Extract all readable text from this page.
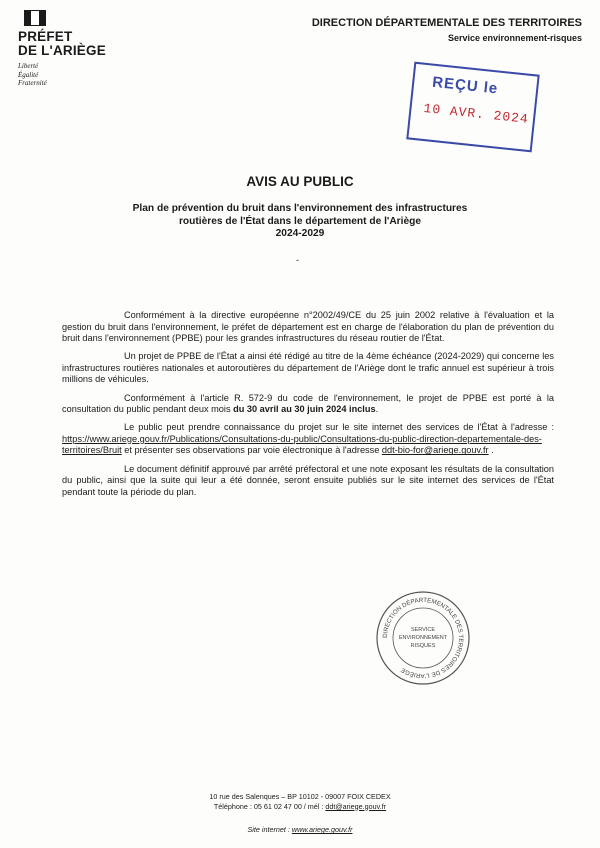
PRÉFET
DE L'ARIÈGE
Liberté
Égalité
Fraternité
DIRECTION DÉPARTEMENTALE DES TERRITOIRES
Service environnement-risques
REÇU le
10 AVR. 2024
AVIS AU PUBLIC
Plan de prévention du bruit dans l'environnement des infrastructures
routières de l'État dans le département de l'Ariège
2024-2029
-

Conformément à la directive européenne n°2002/49/CE du 25 juin 2002 relative à l'évaluation et la gestion du bruit dans l'environnement, le préfet de département est en charge de l'élaboration du plan de prévention du bruit dans l'environnement (PPBE) pour les grandes infrastructures du réseau routier de l'État.

Un projet de PPBE de l'État a ainsi été rédigé au titre de la 4ème échéance (2024-2029) qui concerne les infrastructures routières nationales et autoroutières du département de l'Ariège dont le trafic annuel est supérieur à trois millions de véhicules.

Conformément à l'article R. 572-9 du code de l'environnement, le projet de PPBE est porté à la consultation du public pendant deux mois du 30 avril au 30 juin 2024 inclus.

Le public peut prendre connaissance du projet sur le site internet des services de l'État à l'adresse : https://www.ariege.gouv.fr/Publications/Consultations-du-public/Consultations-du-public-direction-departementale-des-territoires/Bruit et présenter ses observations par voie électronique à l'adresse ddt-bio-for@ariege.gouv.fr .

Le document définitif approuvé par arrêté préfectoral et une note exposant les résultats de la consultation du public, ainsi que la suite qui leur a été donnée, seront ensuite publiés sur le site internet des services de l'État pendant toute la période du plan.

DIRECTION DÉPARTEMENTALE DES TERRITOIRES DE L'ARIÈGE
SERVICE
ENVIRONNEMENT
RISQUES
10 rue des Salenques – BP 10102 - 09007 FOIX CEDEX
Téléphone : 05 61 02 47 00 / mél : ddt@ariege.gouv.fr
Site internet : www.ariege.gouv.fr
